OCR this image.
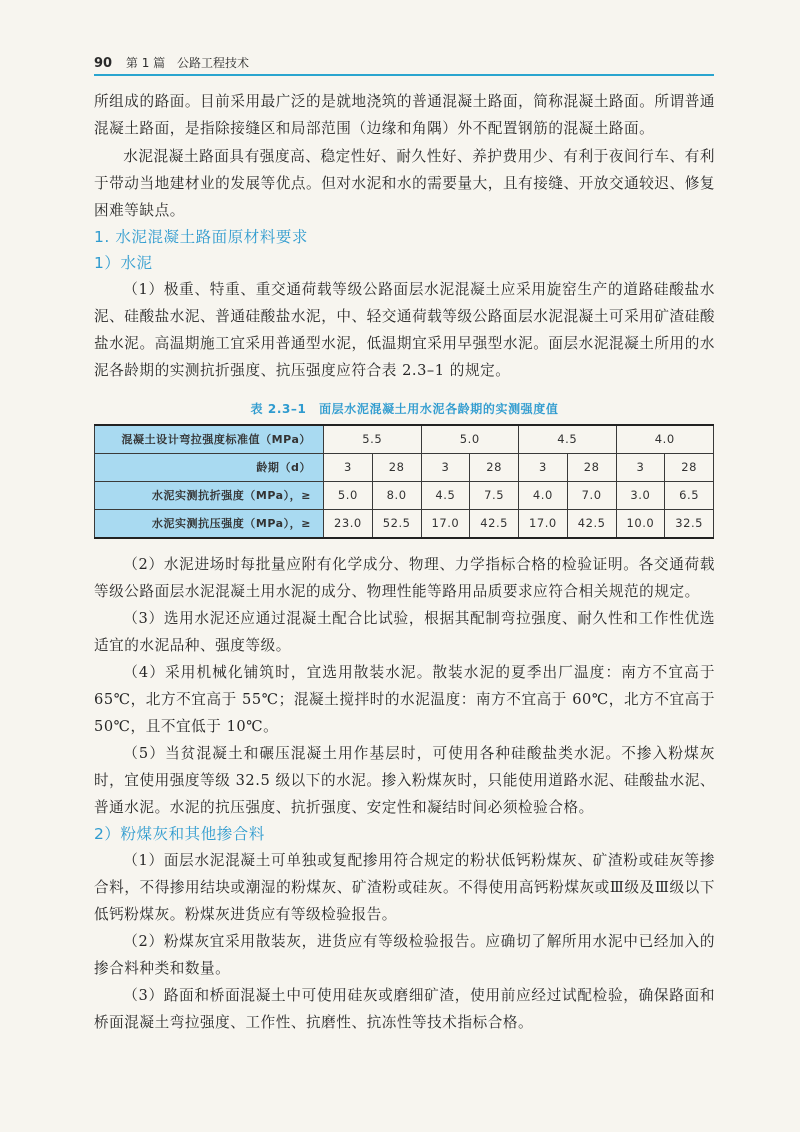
90 第 1 篇 公路工程技术

所组成的路面。目前采用最广泛的是就地浇筑的普通混凝土路面，简称混凝土路面。所谓普通混凝土路面，是指除接缝区和局部范围（边缘和角隅）外不配置钢筋的混凝土路面。

水泥混凝土路面具有强度高、稳定性好、耐久性好、养护费用少、有利于夜间行车、有利于带动当地建材业的发展等优点。但对水泥和水的需要量大，且有接缝、开放交通较迟、修复困难等缺点。

1. 水泥混凝土路面原材料要求

1）水泥

（1）极重、特重、重交通荷载等级公路面层水泥混凝土应采用旋窑生产的道路硅酸盐水泥、硅酸盐水泥、普通硅酸盐水泥，中、轻交通荷载等级公路面层水泥混凝土可采用矿渣硅酸盐水泥。高温期施工宜采用普通型水泥，低温期宜采用早强型水泥。面层水泥混凝土所用的水泥各龄期的实测抗折强度、抗压强度应符合表 2.3–1 的规定。

表 2.3–1　面层水泥混凝土用水泥各龄期的实测强度值
混凝土设计弯拉强度标准值（MPa）	5.5		5.0		4.5		4.0	
龄期（d）	3	28	3	28	3	28	3	28
水泥实测抗折强度（MPa），≥	5.0	8.0	4.5	7.5	4.0	7.0	3.0	6.5
水泥实测抗压强度（MPa），≥	23.0	52.5	17.0	42.5	17.0	42.5	10.0	32.5

（2）水泥进场时每批量应附有化学成分、物理、力学指标合格的检验证明。各交通荷载等级公路面层水泥混凝土用水泥的成分、物理性能等路用品质要求应符合相关规范的规定。

（3）选用水泥还应通过混凝土配合比试验，根据其配制弯拉强度、耐久性和工作性优选适宜的水泥品种、强度等级。

（4）采用机械化铺筑时，宜选用散装水泥。散装水泥的夏季出厂温度：南方不宜高于 65℃，北方不宜高于 55℃；混凝土搅拌时的水泥温度：南方不宜高于 60℃，北方不宜高于 50℃，且不宜低于 10℃。

（5）当贫混凝土和碾压混凝土用作基层时，可使用各种硅酸盐类水泥。不掺入粉煤灰时，宜使用强度等级 32.5 级以下的水泥。掺入粉煤灰时，只能使用道路水泥、硅酸盐水泥、普通水泥。水泥的抗压强度、抗折强度、安定性和凝结时间必须检验合格。

2）粉煤灰和其他掺合料

（1）面层水泥混凝土可单独或复配掺用符合规定的粉状低钙粉煤灰、矿渣粉或硅灰等掺合料，不得掺用结块或潮湿的粉煤灰、矿渣粉或硅灰。不得使用高钙粉煤灰或Ⅲ级及Ⅲ级以下低钙粉煤灰。粉煤灰进货应有等级检验报告。

（2）粉煤灰宜采用散装灰，进货应有等级检验报告。应确切了解所用水泥中已经加入的掺合料种类和数量。

（3）路面和桥面混凝土中可使用硅灰或磨细矿渣，使用前应经过试配检验，确保路面和桥面混凝土弯拉强度、工作性、抗磨性、抗冻性等技术指标合格。
